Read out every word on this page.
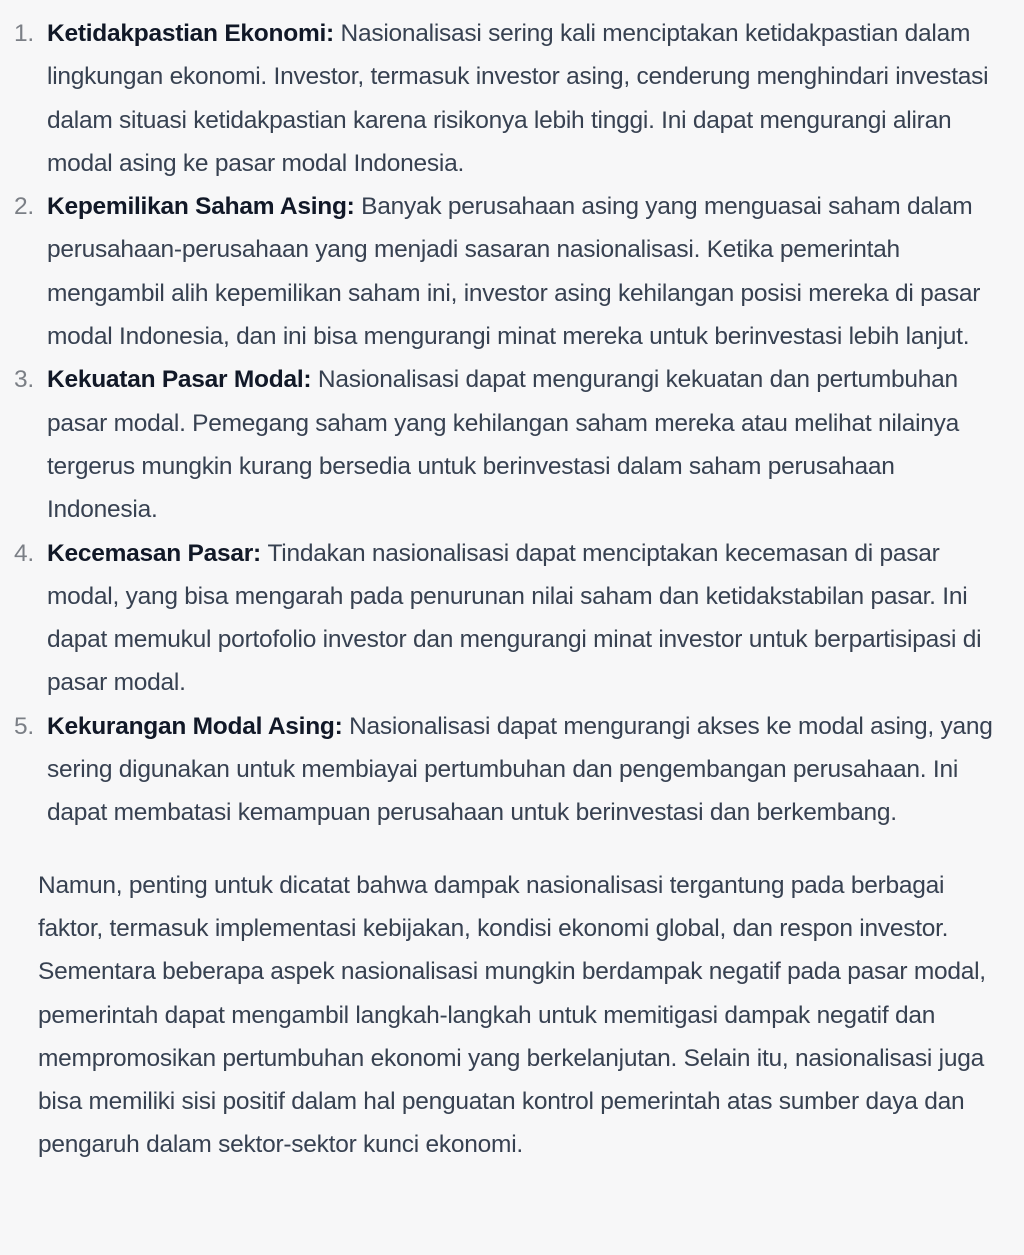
1. Ketidakpastian Ekonomi: Nasionalisasi sering kali menciptakan ketidakpastian dalam lingkungan ekonomi. Investor, termasuk investor asing, cenderung menghindari investasi dalam situasi ketidakpastian karena risikonya lebih tinggi. Ini dapat mengurangi aliran modal asing ke pasar modal Indonesia.
2. Kepemilikan Saham Asing: Banyak perusahaan asing yang menguasai saham dalam perusahaan-perusahaan yang menjadi sasaran nasionalisasi. Ketika pemerintah mengambil alih kepemilikan saham ini, investor asing kehilangan posisi mereka di pasar modal Indonesia, dan ini bisa mengurangi minat mereka untuk berinvestasi lebih lanjut.
3. Kekuatan Pasar Modal: Nasionalisasi dapat mengurangi kekuatan dan pertumbuhan pasar modal. Pemegang saham yang kehilangan saham mereka atau melihat nilainya tergerus mungkin kurang bersedia untuk berinvestasi dalam saham perusahaan Indonesia.
4. Kecemasan Pasar: Tindakan nasionalisasi dapat menciptakan kecemasan di pasar modal, yang bisa mengarah pada penurunan nilai saham dan ketidakstabilan pasar. Ini dapat memukul portofolio investor dan mengurangi minat investor untuk berpartisipasi di pasar modal.
5. Kekurangan Modal Asing: Nasionalisasi dapat mengurangi akses ke modal asing, yang sering digunakan untuk membiayai pertumbuhan dan pengembangan perusahaan. Ini dapat membatasi kemampuan perusahaan untuk berinvestasi dan berkembang.

Namun, penting untuk dicatat bahwa dampak nasionalisasi tergantung pada berbagai faktor, termasuk implementasi kebijakan, kondisi ekonomi global, dan respon investor. Sementara beberapa aspek nasionalisasi mungkin berdampak negatif pada pasar modal, pemerintah dapat mengambil langkah-langkah untuk memitigasi dampak negatif dan mempromosikan pertumbuhan ekonomi yang berkelanjutan. Selain itu, nasionalisasi juga bisa memiliki sisi positif dalam hal penguatan kontrol pemerintah atas sumber daya dan pengaruh dalam sektor-sektor kunci ekonomi.
